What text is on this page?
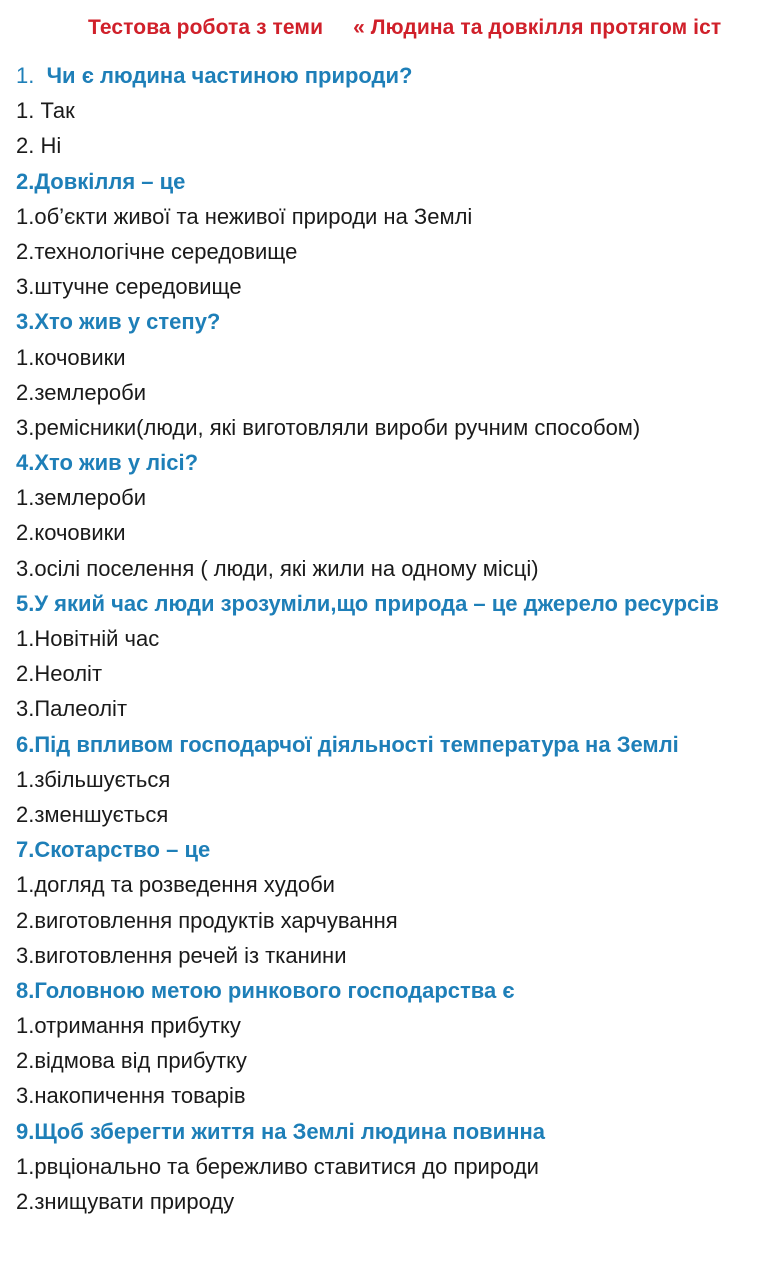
Тестова робота з теми « Людина та довкілля протягом іст
1. Чи є людина частиною природи?
1. Так
2. Ні
2.Довкілля – це
1.об’єкти живої та неживої природи на Землі
2.технологічне середовище
3.штучне середовище
3.Хто жив у степу?
1.кочовики
2.землероби
3.ремісники(люди, які виготовляли вироби ручним способом)
4.Хто жив у лісі?
1.землероби
2.кочовики
3.осілі поселення ( люди, які жили на одному місці)
5.У який час люди зрозуміли,що природа – це джерело ресурсів
1.Новітній час
2.Неоліт
3.Палеоліт
6.Під впливом господарчої діяльності температура на Землі
1.збільшується
2.зменшується
7.Скотарство – це
1.догляд та розведення худоби
2.виготовлення продуктів харчування
3.виготовлення речей із тканини
8.Головною метою ринкового господарства є
1.отримання прибутку
2.відмова від прибутку
3.накопичення товарів
9.Щоб зберегти життя на Землі людина повинна
1.рвціонально та бережливо ставитися до природи
2.знищувати природу
